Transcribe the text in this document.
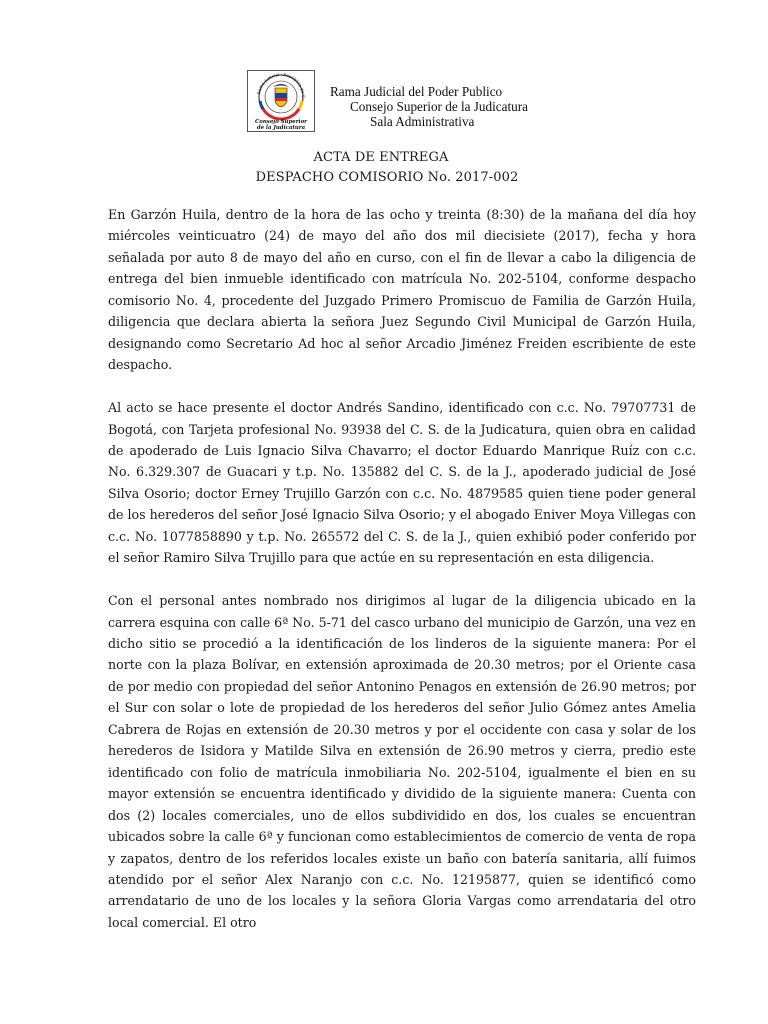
Rama Judicial · República de C
Consejo Superior
de la Judicatura
Rama Judicial del Poder Publico
Consejo Superior de la Judicatura
Sala Administrativa
ACTA DE ENTREGA
DESPACHO COMISORIO No. 2017-002

En Garzón Huila, dentro de la hora de las ocho y treinta (8:30) de la mañana del día hoy miércoles veinticuatro (24) de mayo del año dos mil diecisiete (2017), fecha y hora señalada por auto 8 de mayo del año en curso, con el fin de llevar a cabo la diligencia de entrega del bien inmueble identificado con matrícula No. 202-5104, conforme despacho comisorio No. 4, procedente del Juzgado Primero Promiscuo de Familia de Garzón Huila, diligencia que declara abierta la señora Juez Segundo Civil Municipal de Garzón Huila, designando como Secretario Ad hoc al señor Arcadio Jiménez Freiden escribiente de este despacho.

Al acto se hace presente el doctor Andrés Sandino, identificado con c.c. No. 79707731 de Bogotá, con Tarjeta profesional No. 93938 del C. S. de la Judicatura, quien obra en calidad de apoderado de Luis Ignacio Silva Chavarro; el doctor Eduardo Manrique Ruíz con c.c. No. 6.329.307 de Guacari y t.p. No. 135882 del C. S. de la J., apoderado judicial de José Silva Osorio; doctor Erney Trujillo Garzón con c.c. No. 4879585 quien tiene poder general de los herederos del señor José Ignacio Silva Osorio; y el abogado Eniver Moya Villegas con c.c. No. 1077858890 y t.p. No. 265572 del C. S. de la J., quien exhibió poder conferido por el señor Ramiro Silva Trujillo para que actúe en su representación en esta diligencia.

Con el personal antes nombrado nos dirigimos al lugar de la diligencia ubicado en la carrera esquina con calle 6ª No. 5-71 del casco urbano del municipio de Garzón, una vez en dicho sitio se procedió a la identificación de los linderos de la siguiente manera: Por el norte con la plaza Bolívar, en extensión aproximada de 20.30 metros; por el Oriente casa de por medio con propiedad del señor Antonino Penagos en extensión de 26.90 metros; por el Sur con solar o lote de propiedad de los herederos del señor Julio Gómez antes Amelia Cabrera de Rojas en extensión de 20.30 metros y por el occidente con casa y solar de los herederos de Isidora y Matilde Silva en extensión de 26.90 metros y cierra, predio este identificado con folio de matrícula inmobiliaria No. 202-5104, igualmente el bien en su mayor extensión se encuentra identificado y dividido de la siguiente manera: Cuenta con dos (2) locales comerciales, uno de ellos subdividido en dos, los cuales se encuentran ubicados sobre la calle 6ª y funcionan como establecimientos de comercio de venta de ropa y zapatos, dentro de los referidos locales existe un baño con batería sanitaria, allí fuimos atendido por el señor Alex Naranjo con c.c. No. 12195877, quien se identificó como arrendatario de uno de los locales y la señora Gloria Vargas como arrendataria del otro local comercial. El otro
